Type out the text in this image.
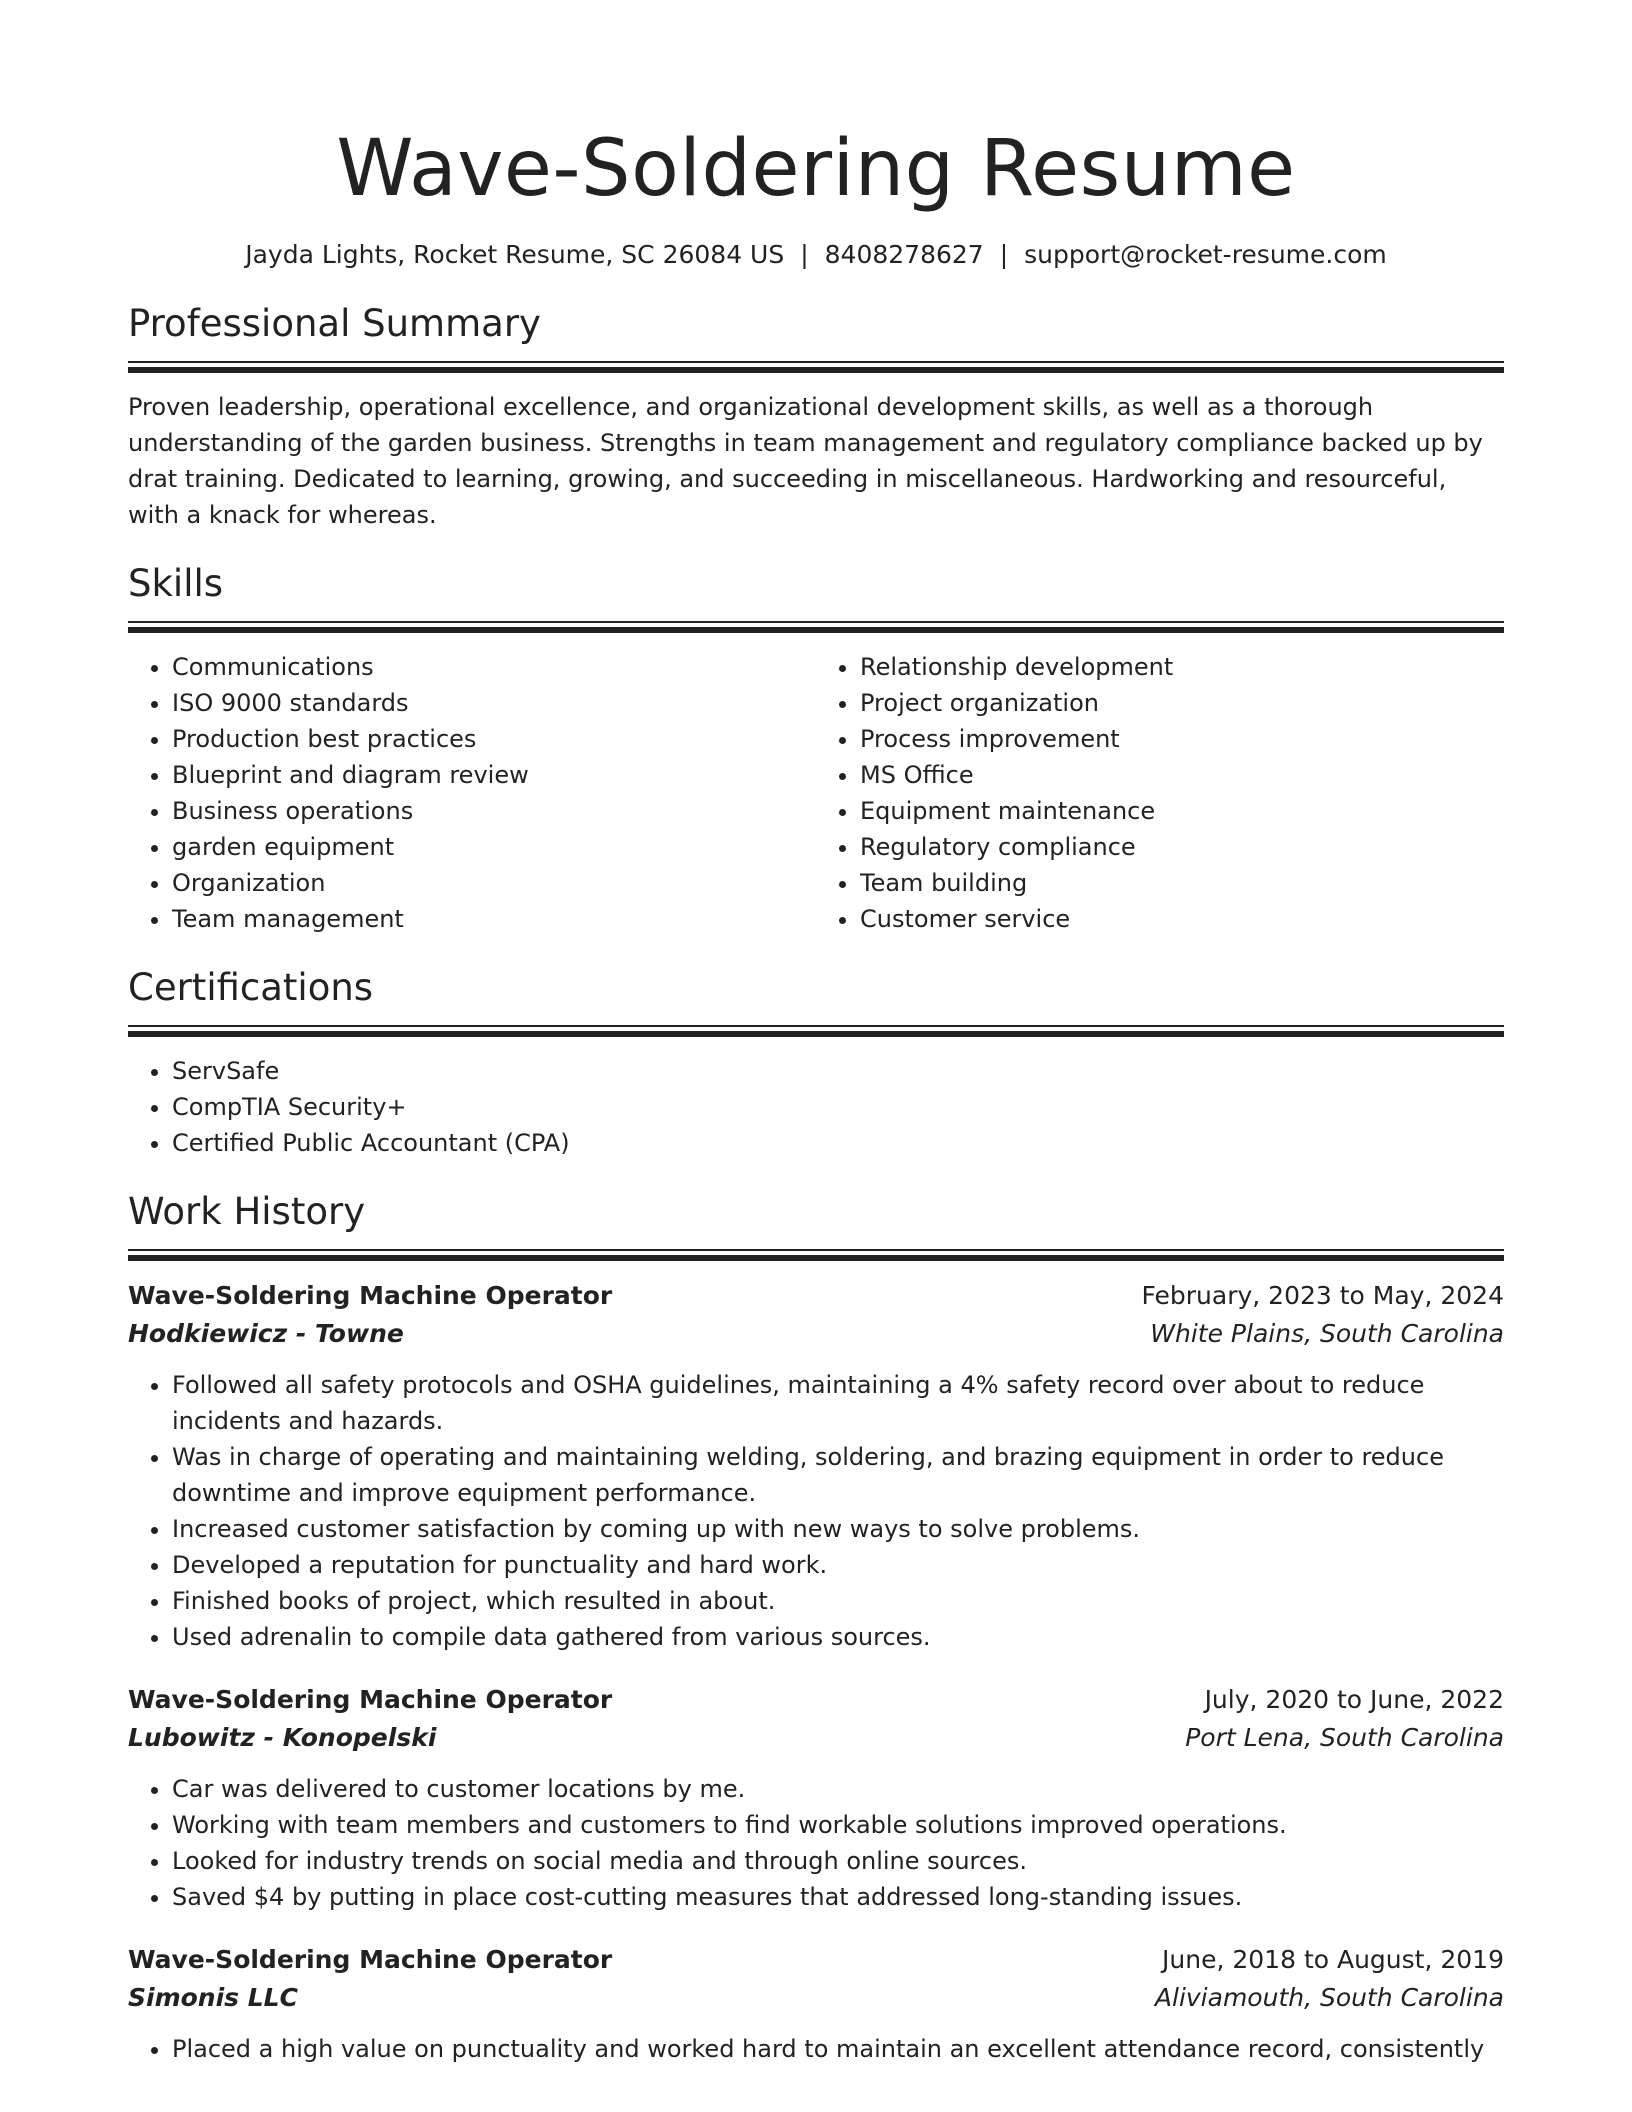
Wave-Soldering Resume
Jayda Lights, Rocket Resume, SC 26084 US | 8408278627 | support@rocket-resume.com
Professional Summary

Proven leadership, operational excellence, and organizational development skills, as well as a thorough understanding of the garden business. Strengths in team management and regulatory compliance backed up by drat training. Dedicated to learning, growing, and succeeding in miscellaneous. Hardworking and resourceful, with a knack for whereas.

Skills
• Communications
• ISO 9000 standards
• Production best practices
• Blueprint and diagram review
• Business operations
• garden equipment
• Organization
• Team management
• Relationship development
• Project organization
• Process improvement
• MS Office
• Equipment maintenance
• Regulatory compliance
• Team building
• Customer service
Certifications
• ServSafe
• CompTIA Security+
• Certified Public Accountant (CPA)
Work History
Wave-Soldering Machine Operator	February, 2023 to May, 2024
Hodkiewicz - Towne	White Plains, South Carolina
• Followed all safety protocols and OSHA guidelines, maintaining a 4% safety record over about to reduce incidents and hazards.
• Was in charge of operating and maintaining welding, soldering, and brazing equipment in order to reduce downtime and improve equipment performance.
• Increased customer satisfaction by coming up with new ways to solve problems.
• Developed a reputation for punctuality and hard work.
• Finished books of project, which resulted in about.
• Used adrenalin to compile data gathered from various sources.
Wave-Soldering Machine Operator	July, 2020 to June, 2022
Lubowitz - Konopelski	Port Lena, South Carolina
• Car was delivered to customer locations by me.
• Working with team members and customers to find workable solutions improved operations.
• Looked for industry trends on social media and through online sources.
• Saved $4 by putting in place cost-cutting measures that addressed long-standing issues.
Wave-Soldering Machine Operator	June, 2018 to August, 2019
Simonis LLC	Aliviamouth, South Carolina
• Placed a high value on punctuality and worked hard to maintain an excellent attendance record, consistently
